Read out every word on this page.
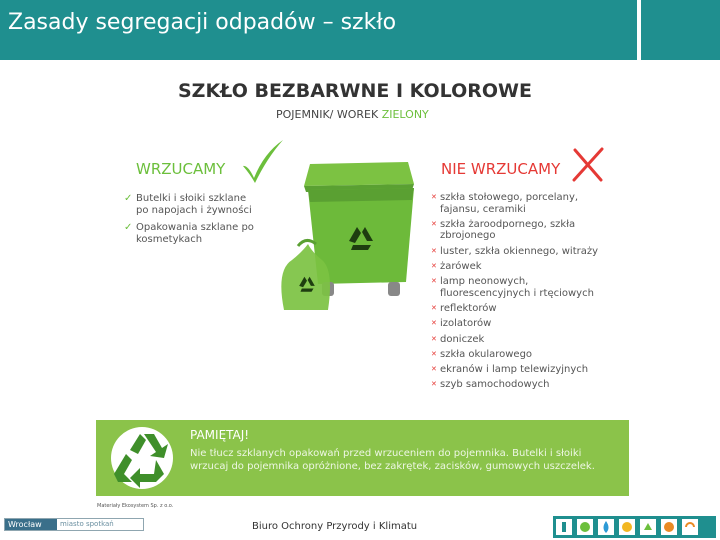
Zasady segregacji odpadów – szkło
SZKŁO BEZBARWNE I KOLOROWE
POJEMNIK/ WOREK ZIELONY
WRZUCAMY	NIE WRZUCAMY
✓ Butelki i słoiki szklane po napojach i żywności
✓ Opakowania szklane po kosmetykach
✕ szkła stołowego, porcelany, fajansu, ceramiki
✕ szkła żaroodpornego, szkła zbrojonego
✕ luster, szkła okiennego, witraży
✕ żarówek
✕ lamp neonowych, fluorescencyjnych i rtęciowych
✕ reflektorów
✕ izolatorów
✕ doniczek
✕ szkła okularowego
✕ ekranów i lamp telewizyjnych
✕ szyb samochodowych
PAMIĘTAJ!
Nie tłucz szklanych opakowań przed wrzuceniem do pojemnika. Butelki i słoiki wrzucaj do pojemnika opróżnione, bez zakrętek, zacisków, gumowych uszczelek.
Materiały Ekosystem Sp. z o.o.
Wrocław	miasto spotkań	Biuro Ochrony Przyrody i Klimatu
